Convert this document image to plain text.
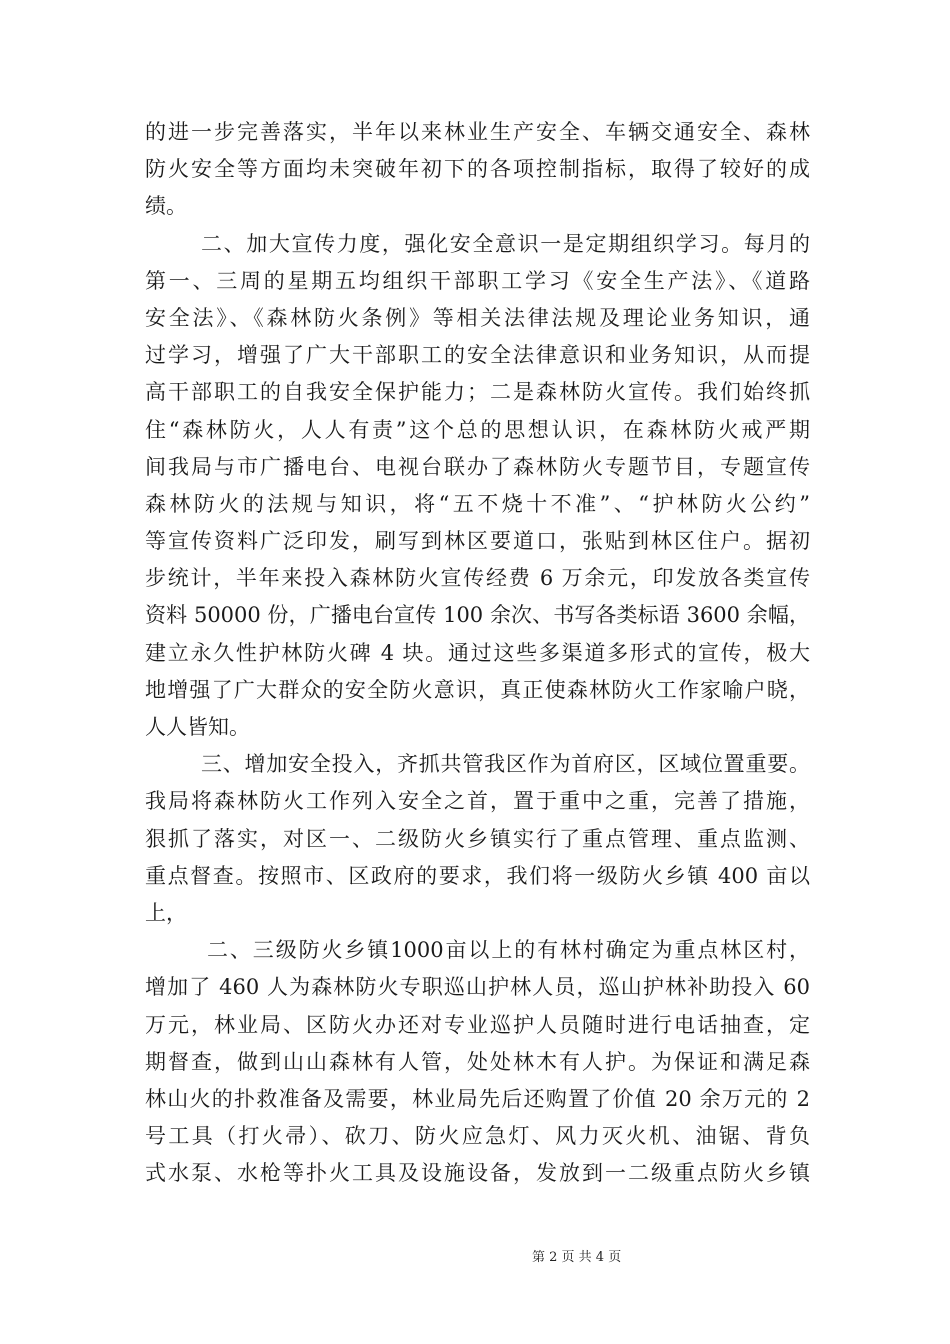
的进一步完善落实，半年以来林业生产安全、车辆交通安全、森林
防火安全等方面均未突破年初下的各项控制指标，取得了较好的成
绩。
二、加大宣传力度，强化安全意识一是定期组织学习。每月的
第一、三周的星期五均组织干部职工学习《安全生产法》、《道路
安全法》、《森林防火条例》等相关法律法规及理论业务知识，通
过学习，增强了广大干部职工的安全法律意识和业务知识，从而提
高干部职工的自我安全保护能力；二是森林防火宣传。我们始终抓
住“森林防火，人人有责”这个总的思想认识，在森林防火戒严期
间我局与市广播电台、电视台联办了森林防火专题节目，专题宣传
森林防火的法规与知识，将“五不烧十不准”、“护林防火公约”
等宣传资料广泛印发，刷写到林区要道口，张贴到林区住户。据初
步统计，半年来投入森林防火宣传经费 6 万余元，印发放各类宣传
资料 50000 份，广播电台宣传 100 余次、书写各类标语 3600 余幅，
建立永久性护林防火碑 4 块。通过这些多渠道多形式的宣传，极大
地增强了广大群众的安全防火意识，真正使森林防火工作家喻户晓，
人人皆知。
三、增加安全投入，齐抓共管我区作为首府区，区域位置重要。
我局将森林防火工作列入安全之首，置于重中之重，完善了措施，
狠抓了落实，对区一、二级防火乡镇实行了重点管理、重点监测、
重点督查。按照市、区政府的要求，我们将一级防火乡镇 400 亩以
上，
二、三级防火乡镇1000亩以上的有林村确定为重点林区村，
增加了 460 人为森林防火专职巡山护林人员，巡山护林补助投入 60
万元，林业局、区防火办还对专业巡护人员随时进行电话抽查，定
期督查，做到山山森林有人管，处处林木有人护。为保证和满足森
林山火的扑救准备及需要，林业局先后还购置了价值 20 余万元的 2
号工具（打火帚）、砍刀、防火应急灯、风力灭火机、油锯、背负
式水泵、水枪等扑火工具及设施设备，发放到一二级重点防火乡镇
第 2 页 共 4 页
